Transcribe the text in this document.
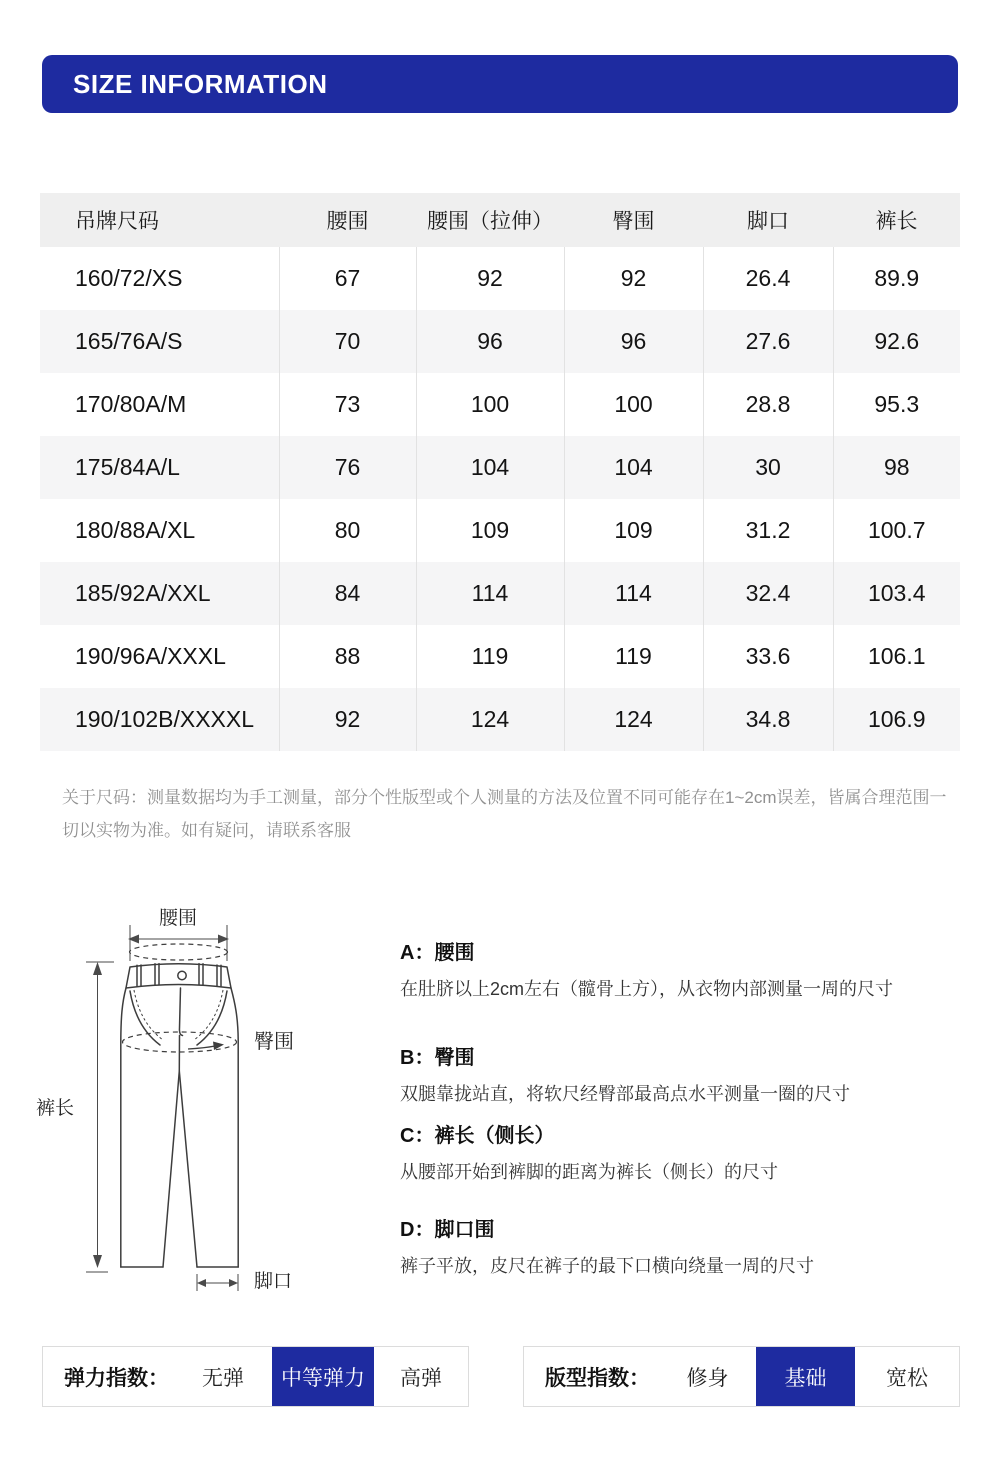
SIZE INFORMATION
吊牌尺码	腰围	腰围（拉伸）	臀围	脚口	裤长
160/72/XS	67	92	92	26.4	89.9
165/76A/S	70	96	96	27.6	92.6
170/80A/M	73	100	100	28.8	95.3
175/84A/L	76	104	104	30	98
180/88A/XL	80	109	109	31.2	100.7
185/92A/XXL	84	114	114	32.4	103.4
190/96A/XXXL	88	119	119	33.6	106.1
190/102B/XXXXL	92	124	124	34.8	106.9

关于尺码：测量数据均为手工测量，部分个性版型或个人测量的方法及位置不同可能存在1~2cm误差，皆属合理范围一切以实物为准。如有疑问，请联系客服

腰围
臀围
裤长
脚口

A：腰围

在肚脐以上2cm左右（髋骨上方），从衣物内部测量一周的尺寸

B：臀围

双腿靠拢站直，将软尺经臀部最高点水平测量一圈的尺寸

C：裤长（侧长）

从腰部开始到裤脚的距离为裤长（侧长）的尺寸

D：脚口围

裤子平放，皮尺在裤子的最下口横向绕量一周的尺寸

弹力指数：	无弹	中等弹力	高弹	版型指数：	修身	基础	宽松
